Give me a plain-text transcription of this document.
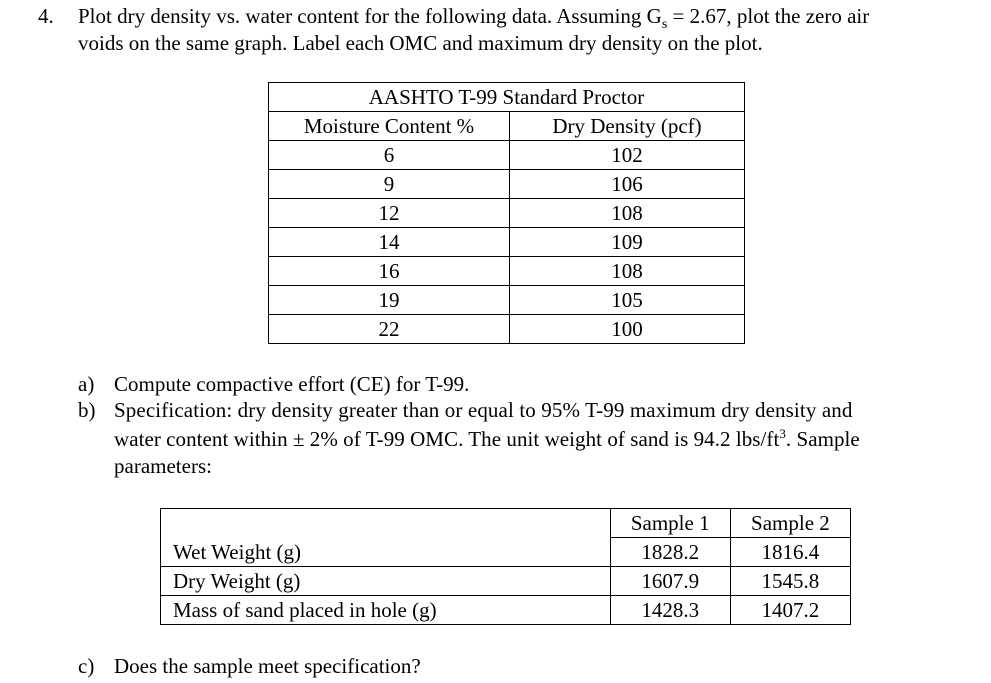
4. Plot dry density vs. water content for the following data. Assuming $G_s = 2.67$, plot the zero air
voids on the same graph. Label each OMC and maximum dry density on the plot.
AASHTO T-99 Standard Proctor	
Moisture Content %	Dry Density (pcf)
6	102
9	106
12	108
14	109
16	108
19	105
22	100
a) Compute compactive effort (CE) for T-99.
b) Specification: dry density greater than or equal to 95% T-99 maximum dry density and
water content within ± 2% of T-99 OMC. The unit weight of sand is 94.2 lbs/$ft^3$. Sample
parameters:
	Sample 1	Sample 2
Wet Weight (g)	1828.2	1816.4
Dry Weight (g)	1607.9	1545.8
Mass of sand placed in hole (g)	1428.3	1407.2
c) Does the sample meet specification?
